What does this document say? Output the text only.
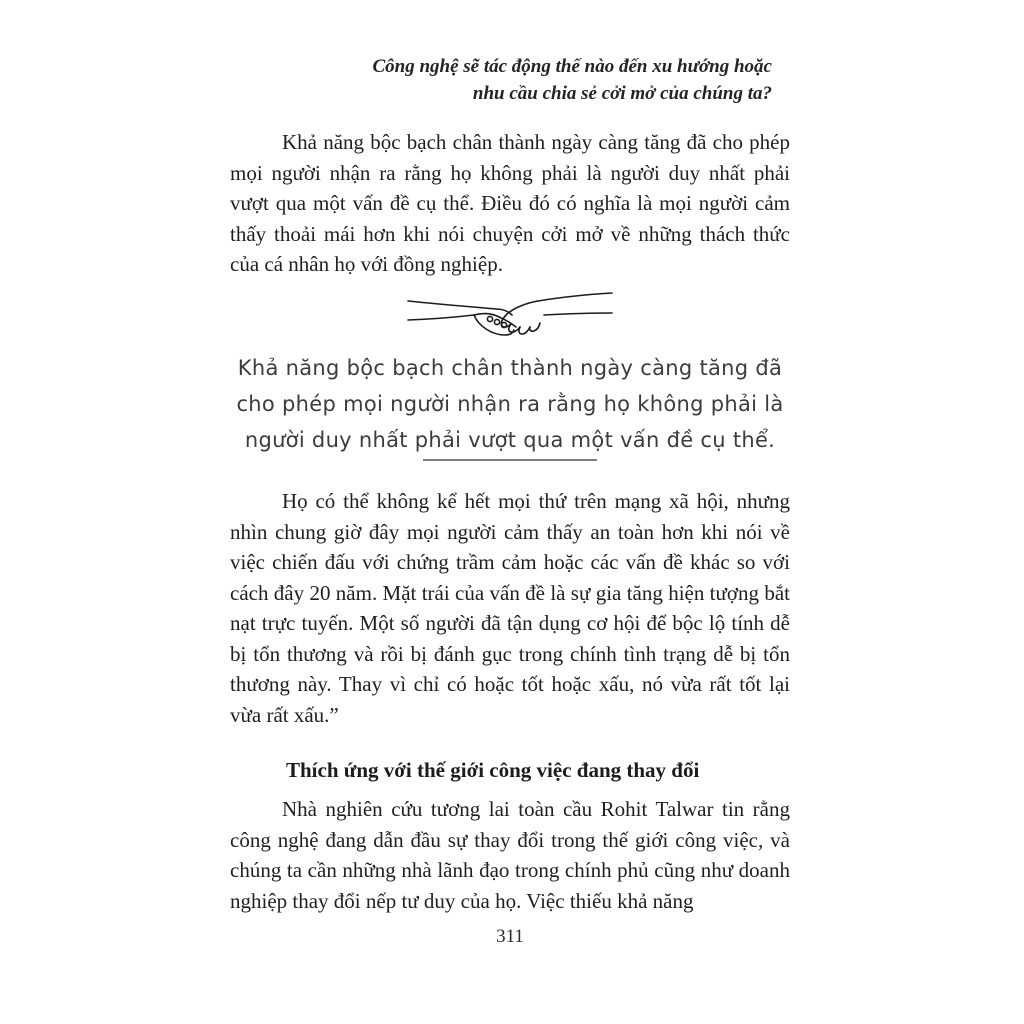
Công nghệ sẽ tác động thế nào đến xu hướng hoặc
nhu cầu chia sẻ cởi mở của chúng ta?
Khả năng bộc bạch chân thành ngày càng tăng đã cho phép mọi người nhận ra rằng họ không phải là người duy nhất phải vượt qua một vấn đề cụ thể. Điều đó có nghĩa là mọi người cảm thấy thoải mái hơn khi nói chuyện cởi mở về những thách thức của cá nhân họ với đồng nghiệp.
Khả năng bộc bạch chân thành ngày càng tăng đã cho phép mọi người nhận ra rằng họ không phải là người duy nhất phải vượt qua một vấn đề cụ thể.
Họ có thể không kể hết mọi thứ trên mạng xã hội, nhưng nhìn chung giờ đây mọi người cảm thấy an toàn hơn khi nói về việc chiến đấu với chứng trầm cảm hoặc các vấn đề khác so với cách đây 20 năm. Mặt trái của vấn đề là sự gia tăng hiện tượng bắt nạt trực tuyến. Một số người đã tận dụng cơ hội để bộc lộ tính dễ bị tổn thương và rồi bị đánh gục trong chính tình trạng dễ bị tổn thương này. Thay vì chỉ có hoặc tốt hoặc xấu, nó vừa rất tốt lại vừa rất xấu.”
Thích ứng với thế giới công việc đang thay đổi
Nhà nghiên cứu tương lai toàn cầu Rohit Talwar tin rằng công nghệ đang dẫn đầu sự thay đổi trong thế giới công việc, và chúng ta cần những nhà lãnh đạo trong chính phủ cũng như doanh nghiệp thay đổi nếp tư duy của họ. Việc thiếu khả năng
311
